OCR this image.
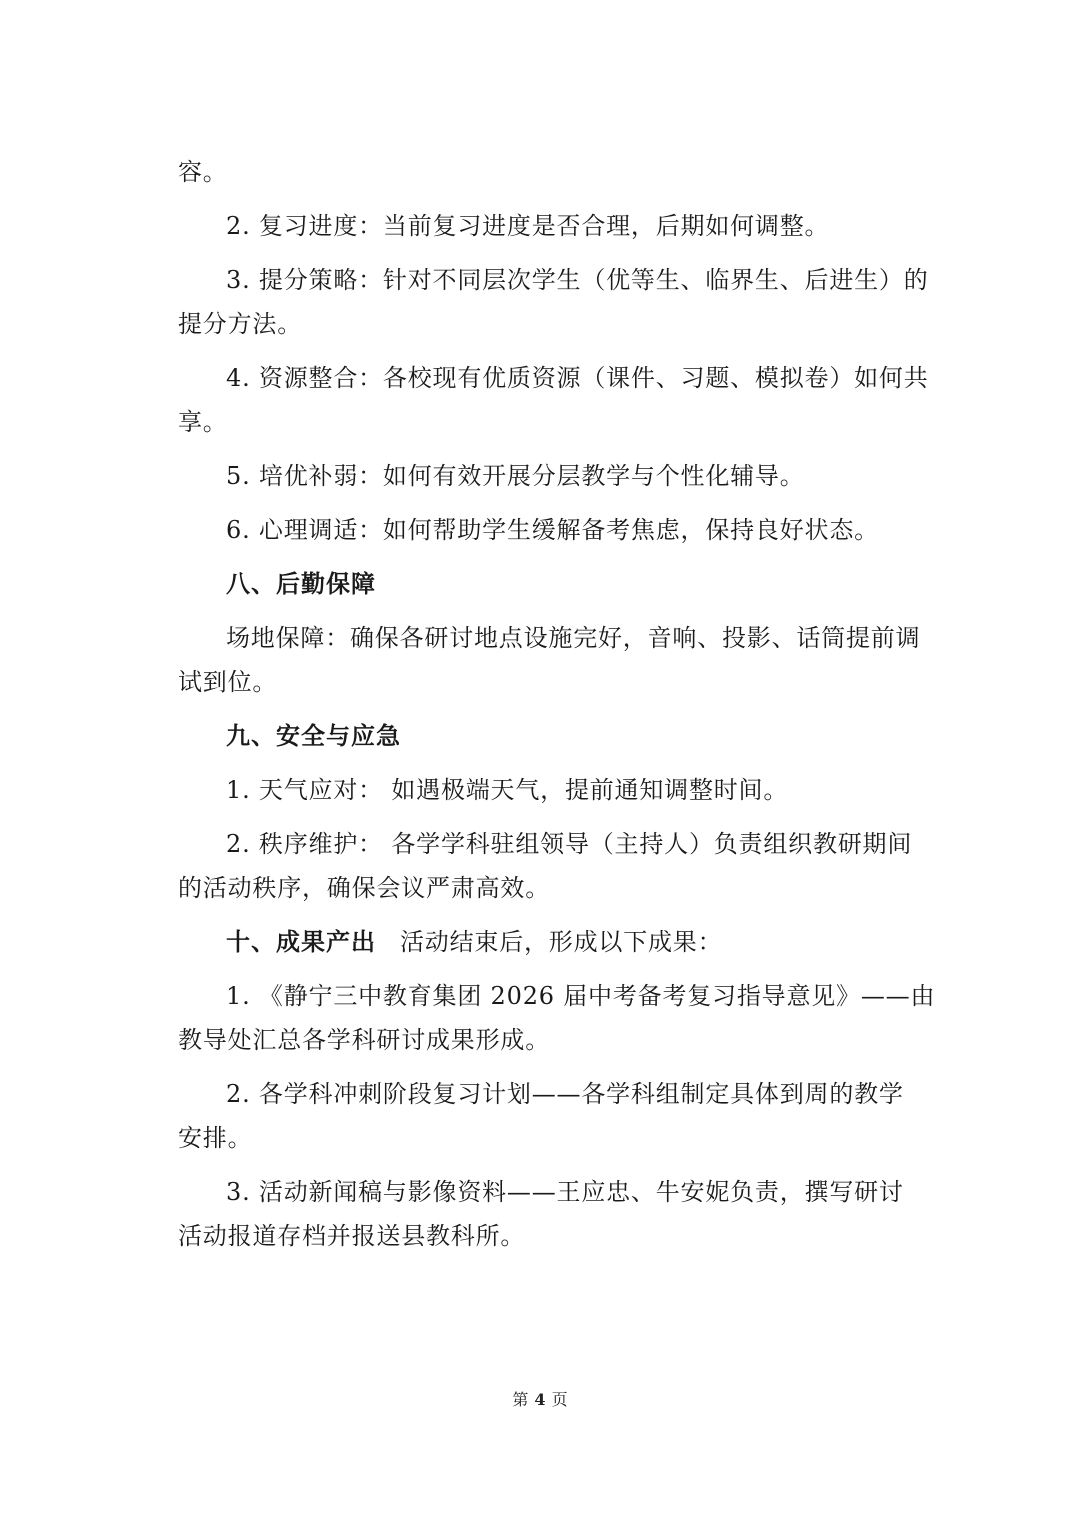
容。
2. 复习进度：当前复习进度是否合理，后期如何调整。
3. 提分策略：针对不同层次学生（优等生、临界生、后进生）的
提分方法。
4. 资源整合：各校现有优质资源（课件、习题、模拟卷）如何共
享。
5. 培优补弱：如何有效开展分层教学与个性化辅导。
6. 心理调适：如何帮助学生缓解备考焦虑，保持良好状态。
八、后勤保障
场地保障：确保各研讨地点设施完好，音响、投影、话筒提前调
试到位。
九、安全与应急
1. 天气应对： 如遇极端天气，提前通知调整时间。
2. 秩序维护： 各学学科驻组领导（主持人）负责组织教研期间
的活动秩序，确保会议严肃高效。
十、成果产出 活动结束后，形成以下成果：
1. 《静宁三中教育集团 2026 届中考备考复习指导意见》——由
教导处汇总各学科研讨成果形成。
2. 各学科冲刺阶段复习计划——各学科组制定具体到周的教学
安排。
3. 活动新闻稿与影像资料——王应忠、牛安妮负责，撰写研讨
活动报道存档并报送县教科所。
第 4 页
